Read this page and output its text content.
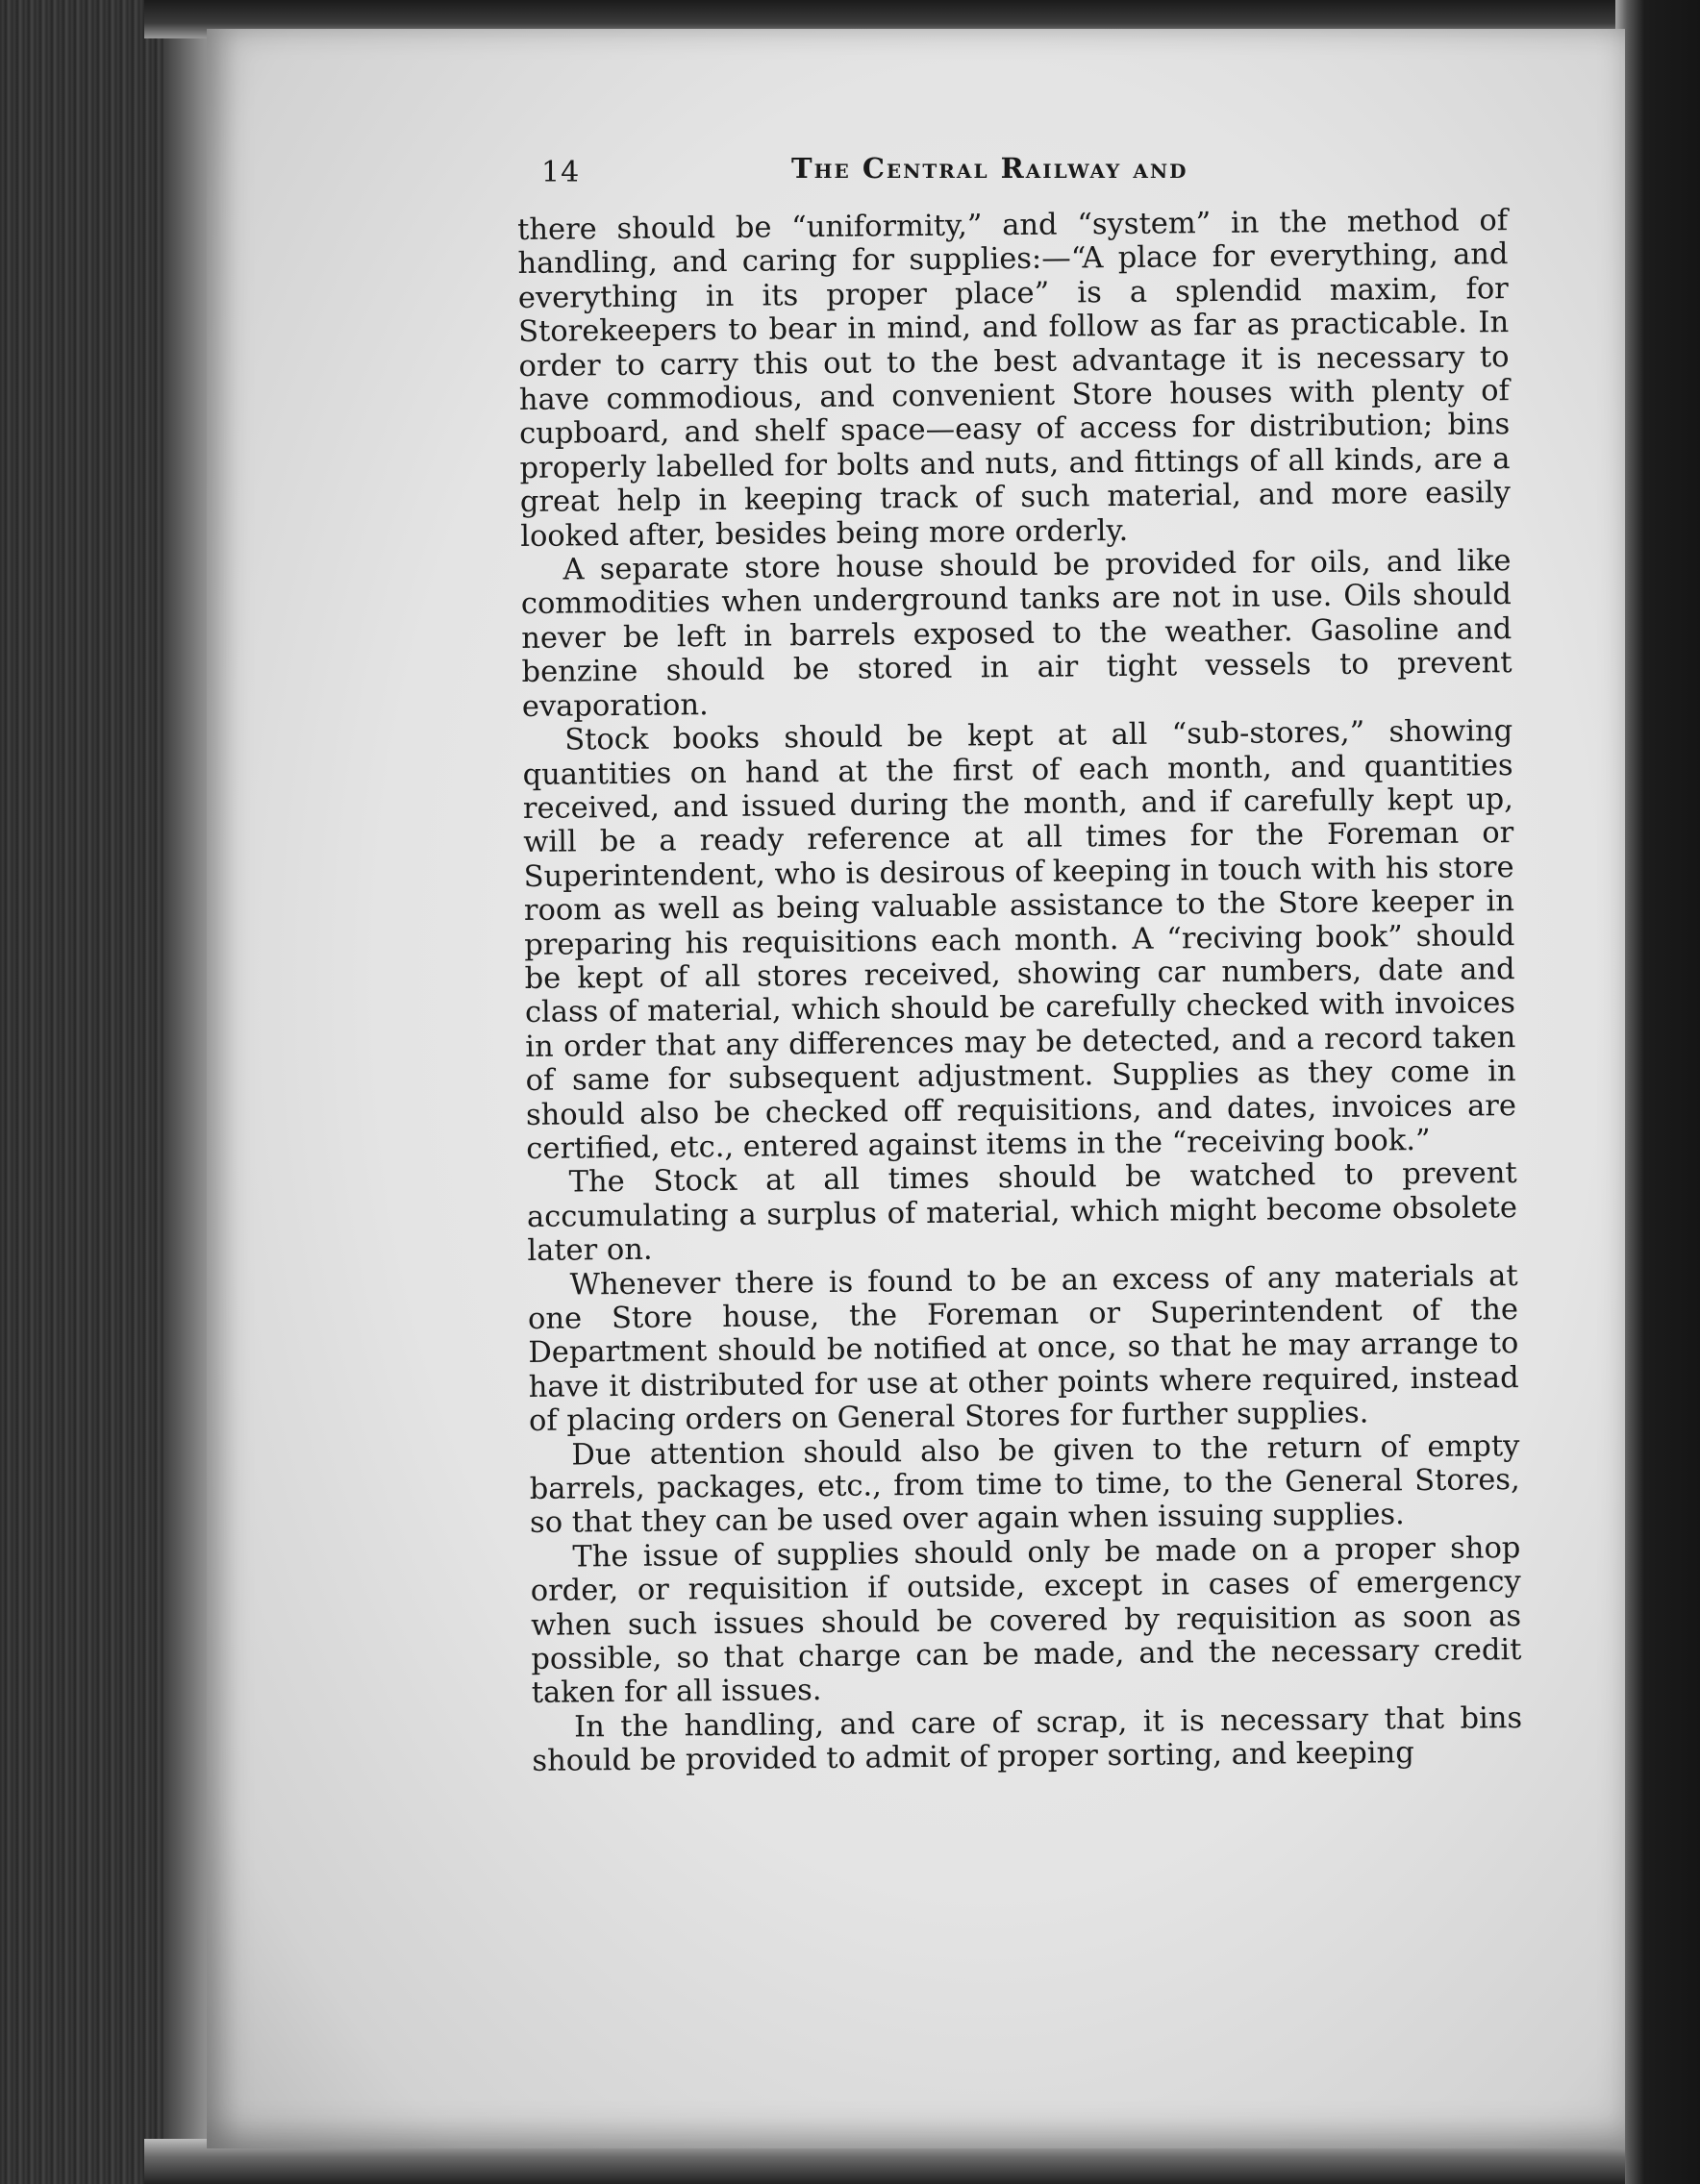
14	The Central Railway and

there should be “uniformity,” and “system” in the method of handling, and caring for supplies:—“A place for everything, and everything in its proper place” is a splendid maxim, for Storekeepers to bear in mind, and follow as far as practicable. In order to carry this out to the best advantage it is necessary to have commodious, and convenient Store houses with plenty of cupboard, and shelf space—easy of access for distribution; bins properly labelled for bolts and nuts, and fittings of all kinds, are a great help in keeping track of such material, and more easily looked after, besides being more orderly.

A separate store house should be provided for oils, and like commodities when underground tanks are not in use. Oils should never be left in barrels exposed to the weather. Gasoline and benzine should be stored in air tight vessels to prevent evaporation.

Stock books should be kept at all “sub-stores,” showing quantities on hand at the first of each month, and quantities received, and issued during the month, and if carefully kept up, will be a ready reference at all times for the Foreman or Superintendent, who is desirous of keeping in touch with his store room as well as being valuable assistance to the Store keeper in preparing his requisitions each month. A “reciving book” should be kept of all stores received, showing car numbers, date and class of material, which should be carefully checked with invoices in order that any differences may be detected, and a record taken of same for subsequent adjustment. Supplies as they come in should also be checked off requisitions, and dates, invoices are certified, etc., entered against items in the “receiving book.”

The Stock at all times should be watched to prevent accumulating a surplus of material, which might become obsolete later on.

Whenever there is found to be an excess of any materials at one Store house, the Foreman or Superintendent of the Department should be notified at once, so that he may arrange to have it distributed for use at other points where required, instead of placing orders on General Stores for further supplies.

Due attention should also be given to the return of empty barrels, packages, etc., from time to time, to the General Stores, so that they can be used over again when issuing supplies.

The issue of supplies should only be made on a proper shop order, or requisition if outside, except in cases of emergency when such issues should be covered by requisition as soon as possible, so that charge can be made, and the necessary credit taken for all issues.

In the handling, and care of scrap, it is necessary that bins should be provided to admit of proper sorting, and keeping
